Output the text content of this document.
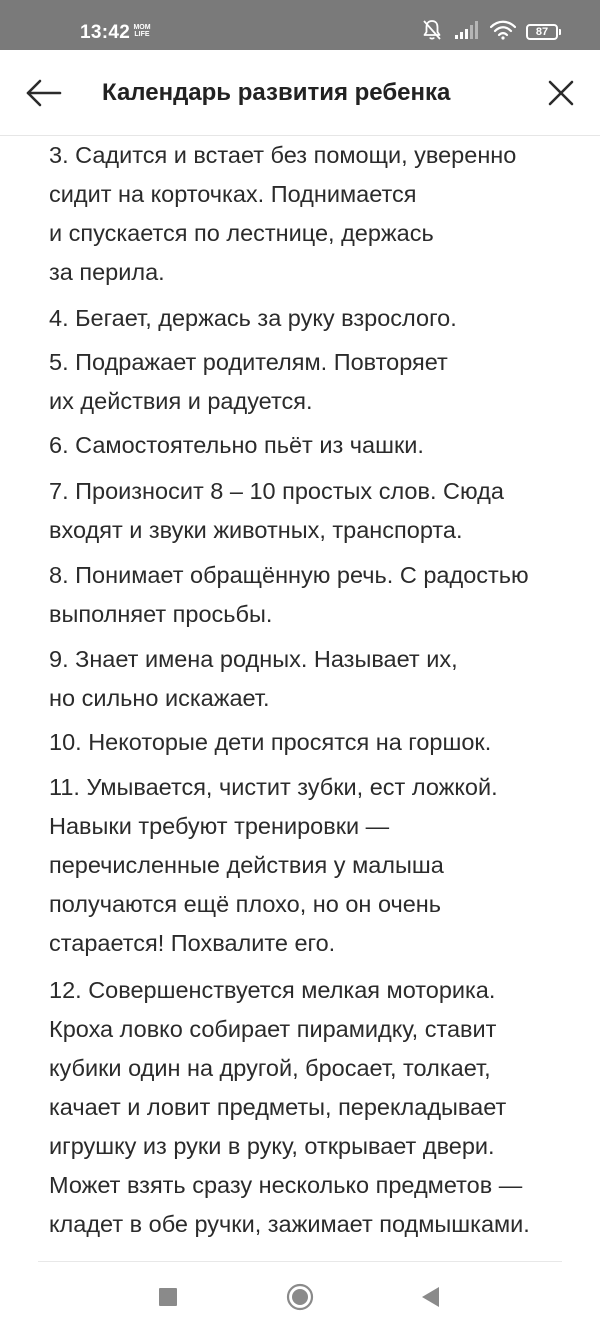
13:42 MOM
LIFE	87
Календарь развития ребенка
3. Садится и встает без помощи, уверенно
сидит на корточках. Поднимается
и спускается по лестнице, держась
за перила.
4. Бегает, держась за руку взрослого.
5. Подражает родителям. Повторяет
их действия и радуется.
6. Самостоятельно пьёт из чашки.
7. Произносит 8 – 10 простых слов. Сюда
входят и звуки животных, транспорта.
8. Понимает обращённую речь. С радостью
выполняет просьбы.
9. Знает имена родных. Называет их,
но сильно искажает.
10. Некоторые дети просятся на горшок.
11. Умывается, чистит зубки, ест ложкой.
Навыки требуют тренировки —
перечисленные действия у малыша
получаются ещё плохо, но он очень
старается! Похвалите его.
12. Совершенствуется мелкая моторика.
Кроха ловко собирает пирамидку, ставит
кубики один на другой, бросает, толкает,
качает и ловит предметы, перекладывает
игрушку из руки в руку, открывает двери.
Может взять сразу несколько предметов —
кладет в обе ручки, зажимает подмышками.
